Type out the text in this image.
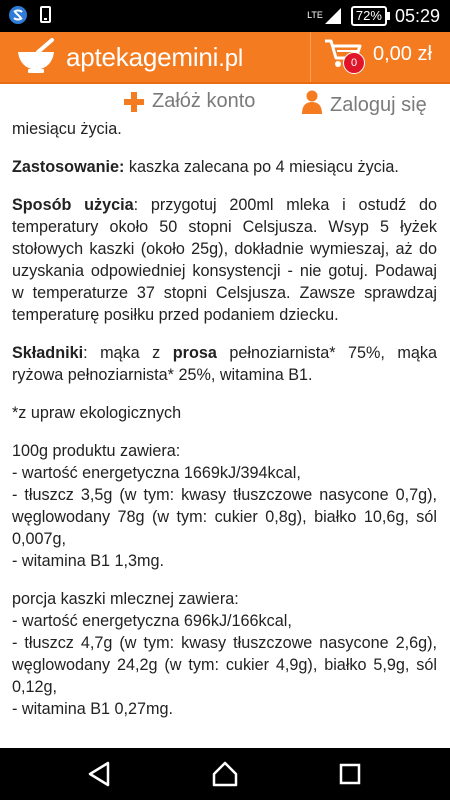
LTE	72% 05:29
aptekagemini.pl	0 0,00 zł
Załóż konto	Zaloguj się

miesiącu życia.

Zastosowanie: kaszka zalecana po 4 miesiącu życia.

Sposób użycia: przygotuj 200ml mleka i ostudź do temperatury około 50 stopni Celsjusza. Wsyp 5 łyżek stołowych kaszki (około 25g), dokładnie wymieszaj, aż do uzyskania odpowiedniej konsystencji - nie gotuj. Podawaj w temperaturze 37 stopni Celsjusza. Zawsze sprawdzaj temperaturę posiłku przed podaniem dziecku.

Składniki: mąka z prosa pełnoziarnista* 75%, mąka ryżowa pełnoziarnista* 25%, witamina B1.

*z upraw ekologicznych

100g produktu zawiera:
- wartość energetyczna 1669kJ/394kcal,
- tłuszcz 3,5g (w tym: kwasy tłuszczowe nasycone 0,7g), węglowodany 78g (w tym: cukier 0,8g), białko 10,6g, sól 0,007g,
- witamina B1 1,3mg.

porcja kaszki mlecznej zawiera:
- wartość energetyczna 696kJ/166kcal,
- tłuszcz 4,7g (w tym: kwasy tłuszczowe nasycone 2,6g), węglowodany 24,2g (w tym: cukier 4,9g), białko 5,9g, sól 0,12g,
- witamina B1 0,27mg.
